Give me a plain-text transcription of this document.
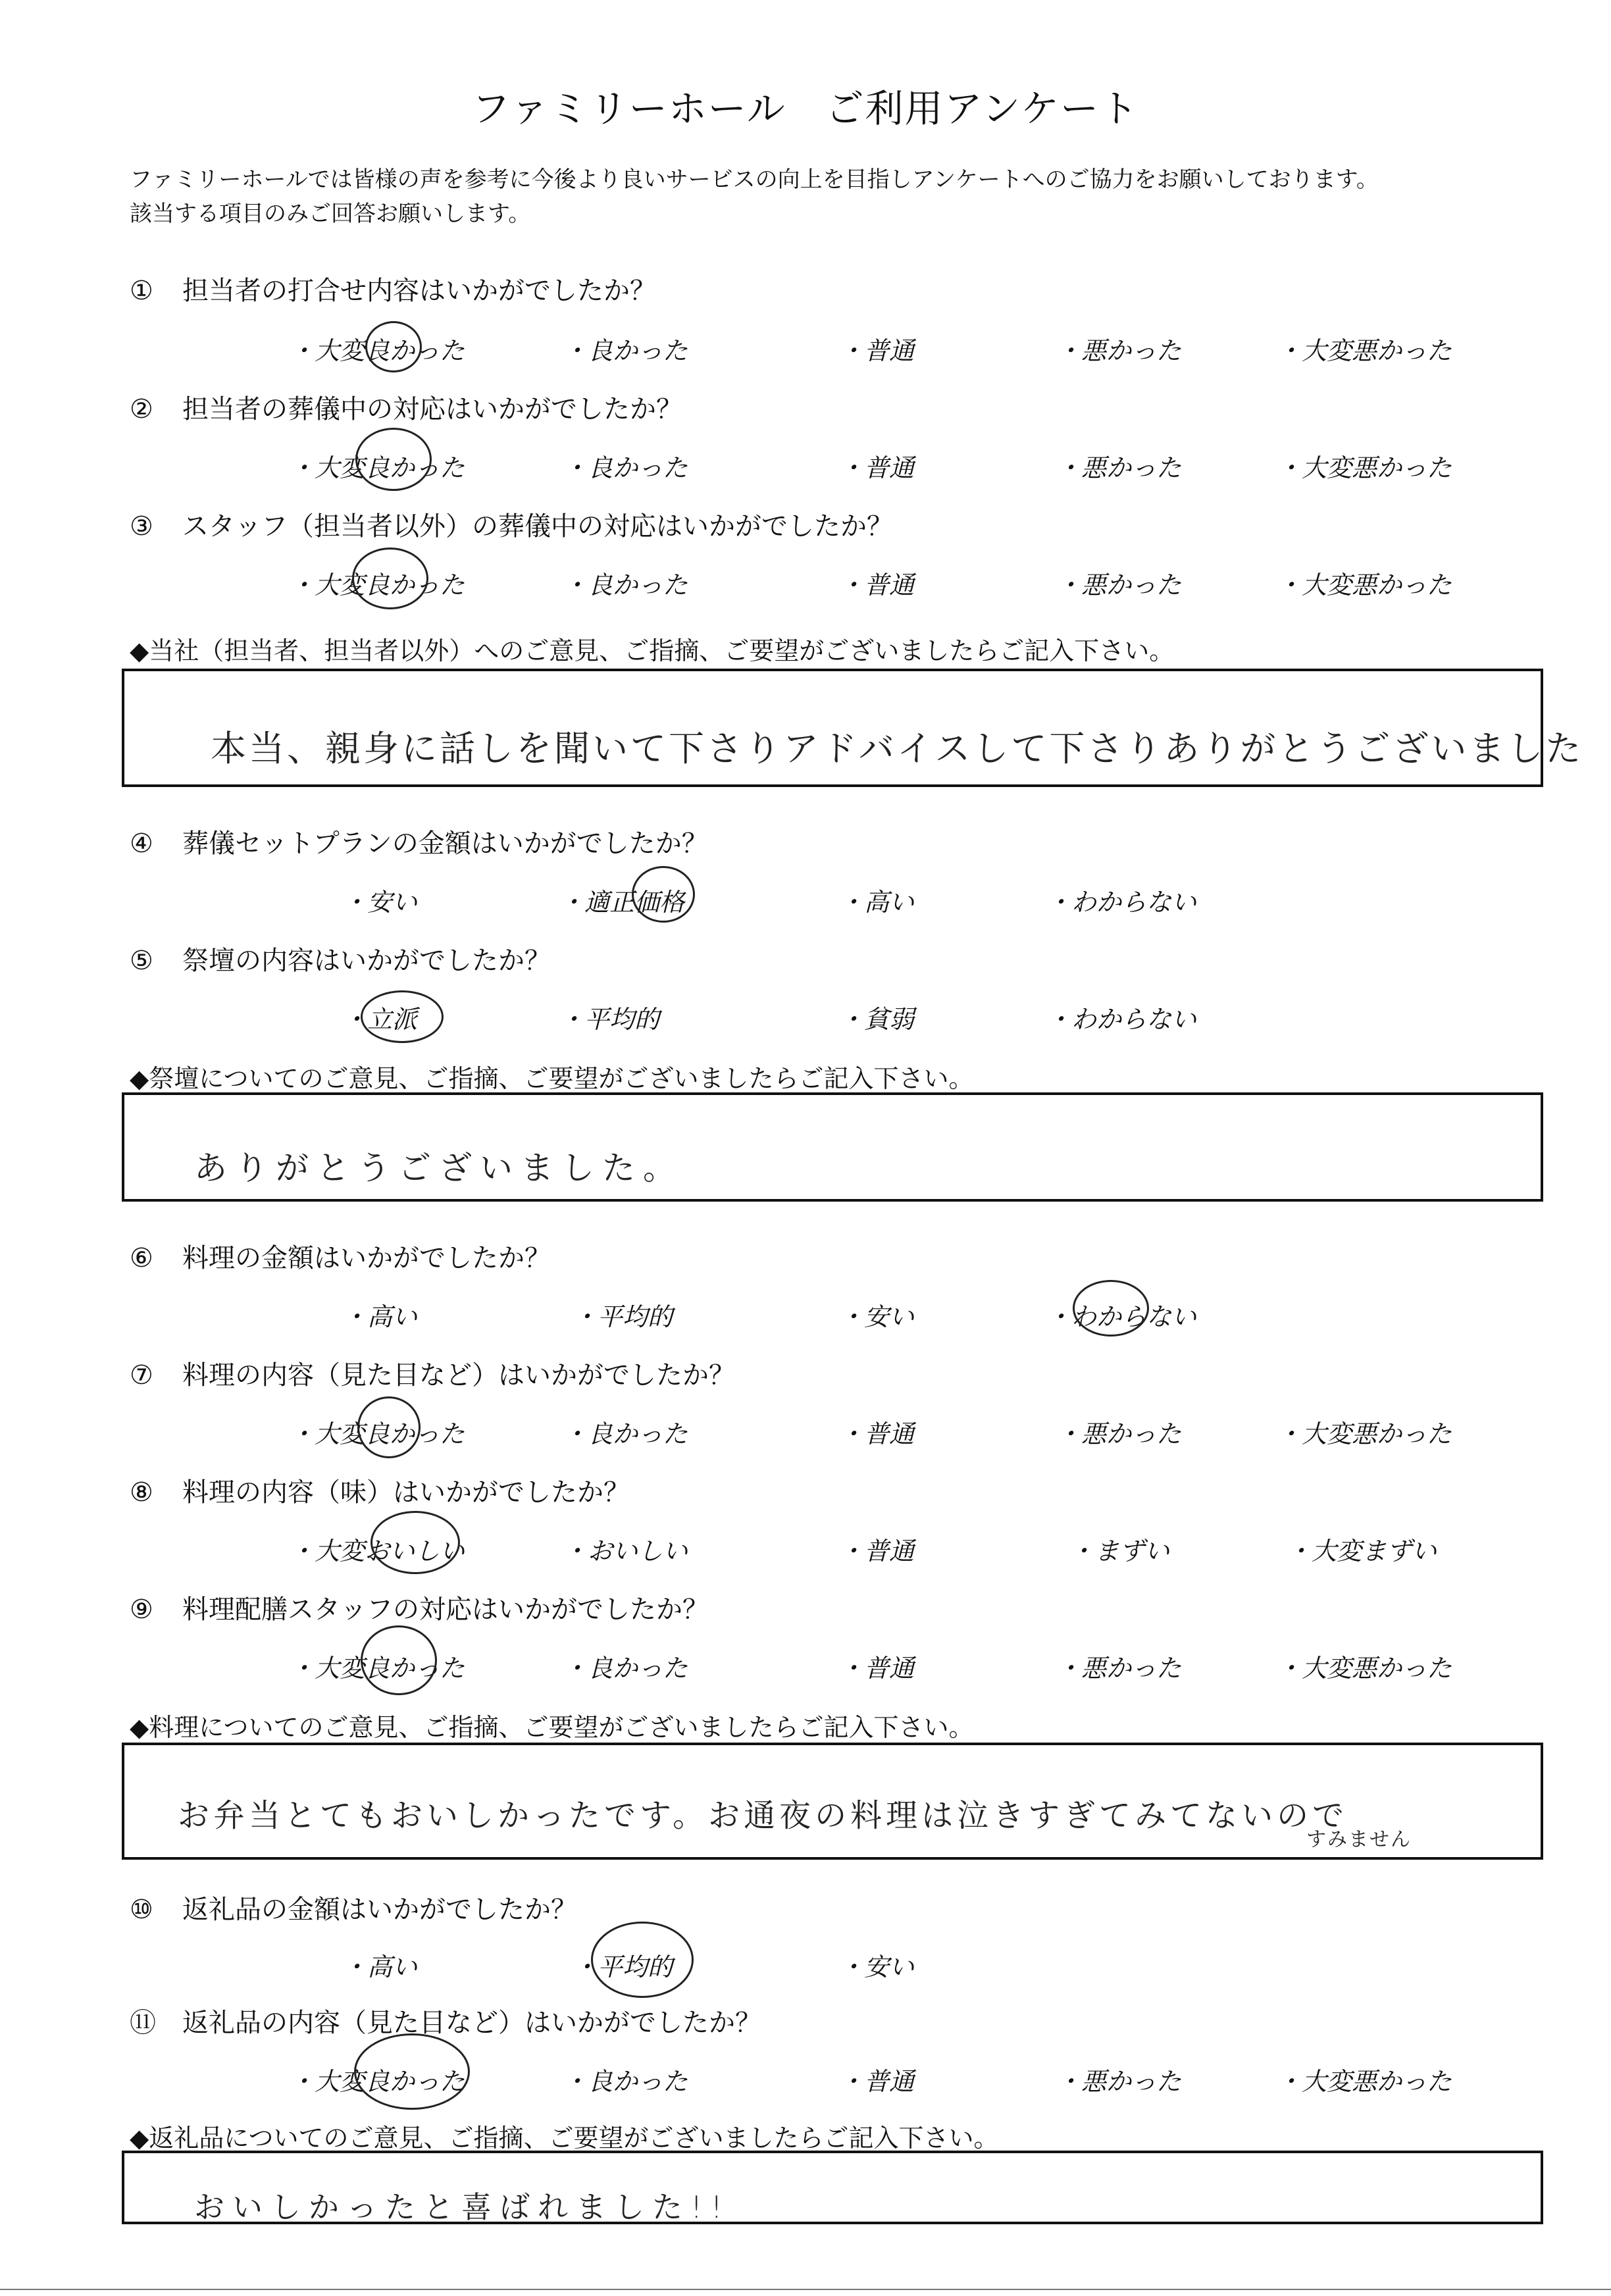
ファミリーホール　ご利用アンケート
ファミリーホールでは皆様の声を参考に今後より良いサービスの向上を目指しアンケートへのご協力をお願いしております。
該当する項目のみご回答お願いします。
① 担当者の打合せ内容はいかがでしたか？
・大変良かった	・良かった	・普通	・悪かった	・大変悪かった
② 担当者の葬儀中の対応はいかがでしたか？
・大変良かった	・良かった	・普通	・悪かった	・大変悪かった
③ スタッフ（担当者以外）の葬儀中の対応はいかがでしたか？
・大変良かった	・良かった	・普通	・悪かった	・大変悪かった
◆当社（担当者、担当者以外）へのご意見、ご指摘、ご要望がございましたらご記入下さい。
本当、親身に話しを聞いて下さりアドバイスして下さりありがとうございました
④ 葬儀セットプランの金額はいかがでしたか？
・安い	・適正価格	・高い	・わからない
⑤ 祭壇の内容はいかがでしたか？
・立派	・平均的	・貧弱	・わからない
◆祭壇についてのご意見、ご指摘、ご要望がございましたらご記入下さい。
ありがとうございました。
⑥ 料理の金額はいかがでしたか？
・高い	・平均的	・安い	・わからない
⑦ 料理の内容（見た目など）はいかがでしたか？
・大変良かった	・良かった	・普通	・悪かった	・大変悪かった
⑧ 料理の内容（味）はいかがでしたか？
・大変おいしい	・おいしい	・普通	・まずい	・大変まずい
⑨ 料理配膳スタッフの対応はいかがでしたか？
・大変良かった	・良かった	・普通	・悪かった	・大変悪かった
◆料理についてのご意見、ご指摘、ご要望がございましたらご記入下さい。
お弁当とてもおいしかったです。お通夜の料理は泣きすぎてみてないので
すみません
⑩ 返礼品の金額はいかがでしたか？
・高い	・平均的	・安い
⑪ 返礼品の内容（見た目など）はいかがでしたか？
・大変良かった	・良かった	・普通	・悪かった	・大変悪かった
◆返礼品についてのご意見、ご指摘、ご要望がございましたらご記入下さい。
おいしかったと喜ばれました!!
